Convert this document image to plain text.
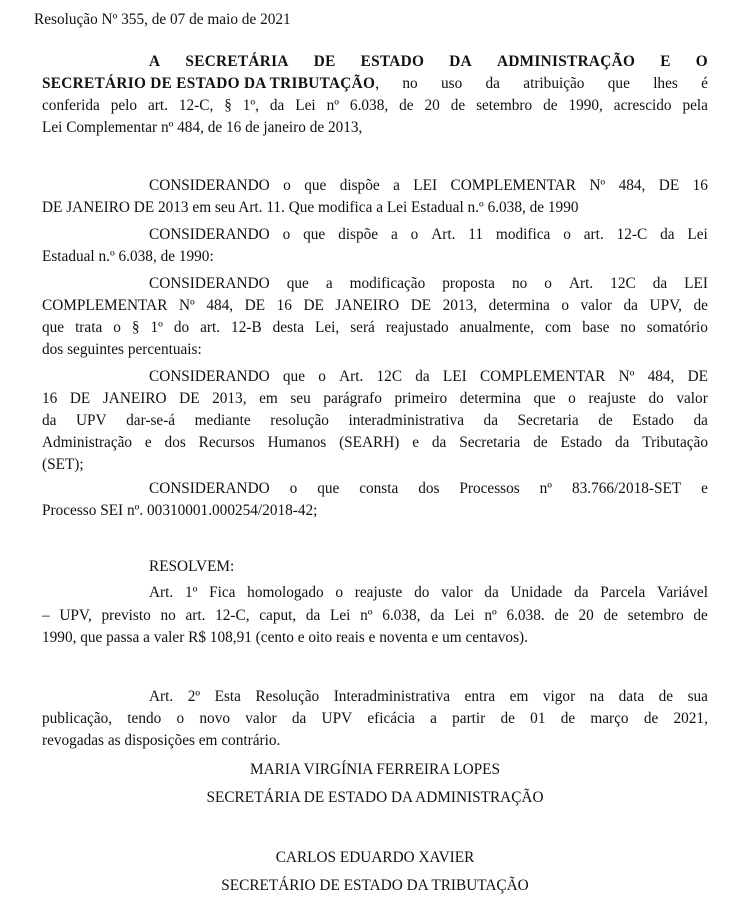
Resolução Nº 355, de 07 de maio de 2021

A SECRETÁRIA DE ESTADO DA ADMINISTRAÇÃO E O

SECRETÁRIO DE ESTADO DA TRIBUTAÇÃO , no uso da atribuição que lhes é

conferida pelo art. 12-C, § 1º, da Lei nº 6.038, de 20 de setembro de 1990, acrescido pela

Lei Complementar nº 484, de 16 de janeiro de 2013,

CONSIDERANDO o que dispõe a LEI COMPLEMENTAR Nº 484, DE 16

DE JANEIRO DE 2013 em seu Art. 11. Que modifica a Lei Estadual n.º 6.038, de 1990

CONSIDERANDO o que dispõe a o Art. 11 modifica o art. 12-C da Lei

Estadual n.º 6.038, de 1990:

CONSIDERANDO que a modificação proposta no o Art. 12C da LEI

COMPLEMENTAR Nº 484, DE 16 DE JANEIRO DE 2013, determina o valor da UPV, de

que trata o § 1º do art. 12-B desta Lei, será reajustado anualmente, com base no somatório

dos seguintes percentuais:

CONSIDERANDO que o Art. 12C da LEI COMPLEMENTAR Nº 484, DE

16 DE JANEIRO DE 2013, em seu parágrafo primeiro determina que o reajuste do valor

da UPV dar-se-á mediante resolução interadministrativa da Secretaria de Estado da

Administração e dos Recursos Humanos (SEARH) e da Secretaria de Estado da Tributação

(SET);

CONSIDERANDO o que consta dos Processos nº 83.766/2018-SET e

Processo SEI nº. 00310001.000254/2018-42;

RESOLVEM:

Art. 1º Fica homologado o reajuste do valor da Unidade da Parcela Variável

– UPV, previsto no art. 12-C, caput, da Lei nº 6.038, da Lei nº 6.038. de 20 de setembro de

1990, que passa a valer R$ 108,91 (cento e oito reais e noventa e um centavos).

Art. 2º Esta Resolução Interadministrativa entra em vigor na data de sua

publicação, tendo o novo valor da UPV eficácia a partir de 01 de março de 2021,

revogadas as disposições em contrário.

MARIA VIRGÍNIA FERREIRA LOPES

SECRETÁRIA DE ESTADO DA ADMINISTRAÇÃO

CARLOS EDUARDO XAVIER

SECRETÁRIO DE ESTADO DA TRIBUTAÇÃO
